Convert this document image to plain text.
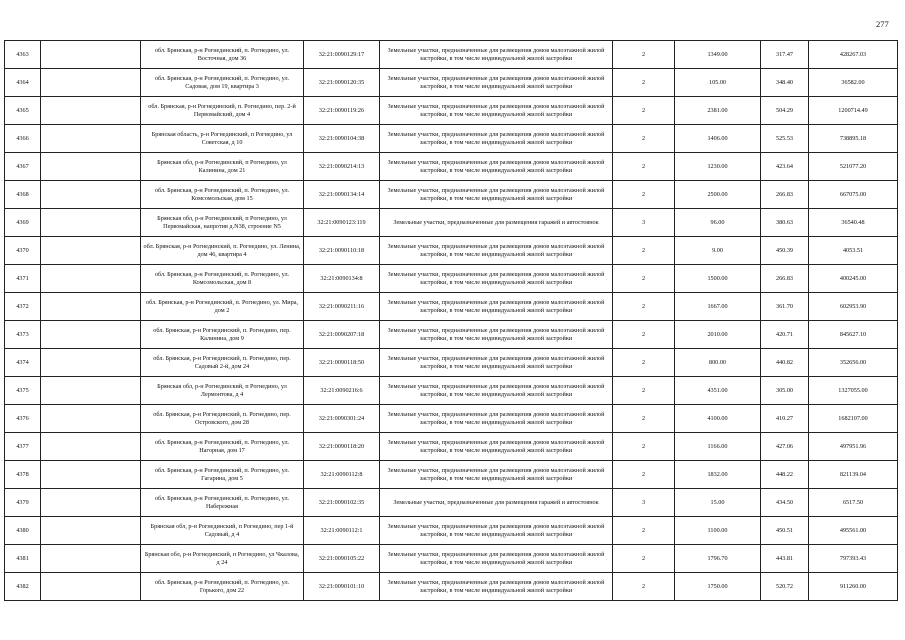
277
4363		обл. Брянская, р-н Рогнединский, п. Рогнедино, ул. Восточная, дом 36	32:21:0090129:17	Земельные участки, предназначенные для размещения домов малоэтажной жилой застройки, в том числе индивидуальной жилой застройки	2	1349.00	317.47	428267.03
4364		обл. Брянская, р-н Рогнединский, п. Рогнедино, ул. Садовая, дом 19, квартира 3	32:21:0090120:35	Земельные участки, предназначенные для размещения домов малоэтажной жилой застройки, в том числе индивидуальной жилой застройки	2	105.00	348.40	36582.00
4365		обл. Брянская, р-н Рогнединский, п. Рогнедино, пер. 2-й Первомайский, дом 4	32:21:0090119:26	Земельные участки, предназначенные для размещения домов малоэтажной жилой застройки, в том числе индивидуальной жилой застройки	2	2381.00	504.29	1200714.49
4366		Брянская область, р-н Рогнединский, п Рогнедино, ул Советская, д 10	32:21:0090104:38	Земельные участки, предназначенные для размещения домов малоэтажной жилой застройки, в том числе индивидуальной жилой застройки	2	1406.00	525.53	738895.18
4367		Брянская обл, р-н Рогнединский, п Рогнедино, ул Калинина, дом 21	32:21:0090214:13	Земельные участки, предназначенные для размещения домов малоэтажной жилой застройки, в том числе индивидуальной жилой застройки	2	1230.00	423.64	521077.20
4368		обл. Брянская, р-н Рогнединский, п. Рогнедино, ул. Комсомольская, дом 15	32:21:0090134:14	Земельные участки, предназначенные для размещения домов малоэтажной жилой застройки, в том числе индивидуальной жилой застройки	2	2500.00	266.83	667075.00
4369		Брянская обл, р-н Рогнединский, п Рогнедино, ул Первомайская, напротив д.N38, строение N5	32:21:0090123:119	Земельные участки, предназначенные для размещения гаражей и автостоянок	3	96.00	380.63	36540.48
4370		обл. Брянская, р-н Рогнединский, п. Рогнедино, ул. Ленина, дом 46, квартира 4	32:21:0090110:18	Земельные участки, предназначенные для размещения домов малоэтажной жилой застройки, в том числе индивидуальной жилой застройки	2	9.00	450.39	4053.51
4371		обл. Брянская, р-н Рогнединский, п. Рогнедино, ул. Комсомольская, дом 8	32:21:0090134:8	Земельные участки, предназначенные для размещения домов малоэтажной жилой застройки, в том числе индивидуальной жилой застройки	2	1500.00	266.83	400245.00
4372		обл. Брянская, р-н Рогнединский, п. Рогнедино, ул. Мира, дом 2	32:21:0090211:16	Земельные участки, предназначенные для размещения домов малоэтажной жилой застройки, в том числе индивидуальной жилой застройки	2	1667.00	361.70	602953.90
4373		обл. Брянская, р-н Рогнединский, п. Рогнедино, пер. Калинина, дом 9	32:21:0090207:18	Земельные участки, предназначенные для размещения домов малоэтажной жилой застройки, в том числе индивидуальной жилой застройки	2	2010.00	420.71	845627.10
4374		обл. Брянская, р-н Рогнединский, п. Рогнедино, пер. Садовый 2-й, дом 24	32:21:0090118:50	Земельные участки, предназначенные для размещения домов малоэтажной жилой застройки, в том числе индивидуальной жилой застройки	2	800.00	440.82	352656.00
4375		Брянская обл, р-н Рогнединский, п Рогнедино, ул Лермонтова, д 4	32:21:0090216:6	Земельные участки, предназначенные для размещения домов малоэтажной жилой застройки, в том числе индивидуальной жилой застройки	2	4351.00	305.00	1327055.00
4376		обл. Брянская, р-н Рогнединский, п. Рогнедино, пер. Островского, дом 28	32:21:0090301:24	Земельные участки, предназначенные для размещения домов малоэтажной жилой застройки, в том числе индивидуальной жилой застройки	2	4100.00	410.27	1682107.00
4377		обл. Брянская, р-н Рогнединский, п. Рогнедино, ул. Нагорная, дом 17	32:21:0090118:20	Земельные участки, предназначенные для размещения домов малоэтажной жилой застройки, в том числе индивидуальной жилой застройки	2	1166.00	427.06	497951.96
4378		обл. Брянская, р-н Рогнединский, п. Рогнедино, ул. Гагарина, дом 5	32:21:0090112:8	Земельные участки, предназначенные для размещения домов малоэтажной жилой застройки, в том числе индивидуальной жилой застройки	2	1832.00	448.22	821139.04
4379		обл. Брянская, р-н Рогнединский, п. Рогнедино, ул. Набережная	32:21:0090102:35	Земельные участки, предназначенные для размещения гаражей и автостоянок	3	15.00	434.50	6517.50
4380		Брянская обл, р-н Рогнединский, п Рогнедино, пер 1-й Садовый, д 4	32:21:0090112:1	Земельные участки, предназначенные для размещения домов малоэтажной жилой застройки, в том числе индивидуальной жилой застройки	2	1100.00	450.51	495561.00
4381		Брянская обл, р-н Рогнединский, п Рогнедино, ул Чкалова, д 24	32:21:0090105:22	Земельные участки, предназначенные для размещения домов малоэтажной жилой застройки, в том числе индивидуальной жилой застройки	2	1796.70	443.81	797393.43
4382		обл. Брянская, р-н Рогнединский, п. Рогнедино, ул. Горького, дом 22	32:21:0090101:10	Земельные участки, предназначенные для размещения домов малоэтажной жилой застройки, в том числе индивидуальной жилой застройки	2	1750.00	520.72	911260.00
